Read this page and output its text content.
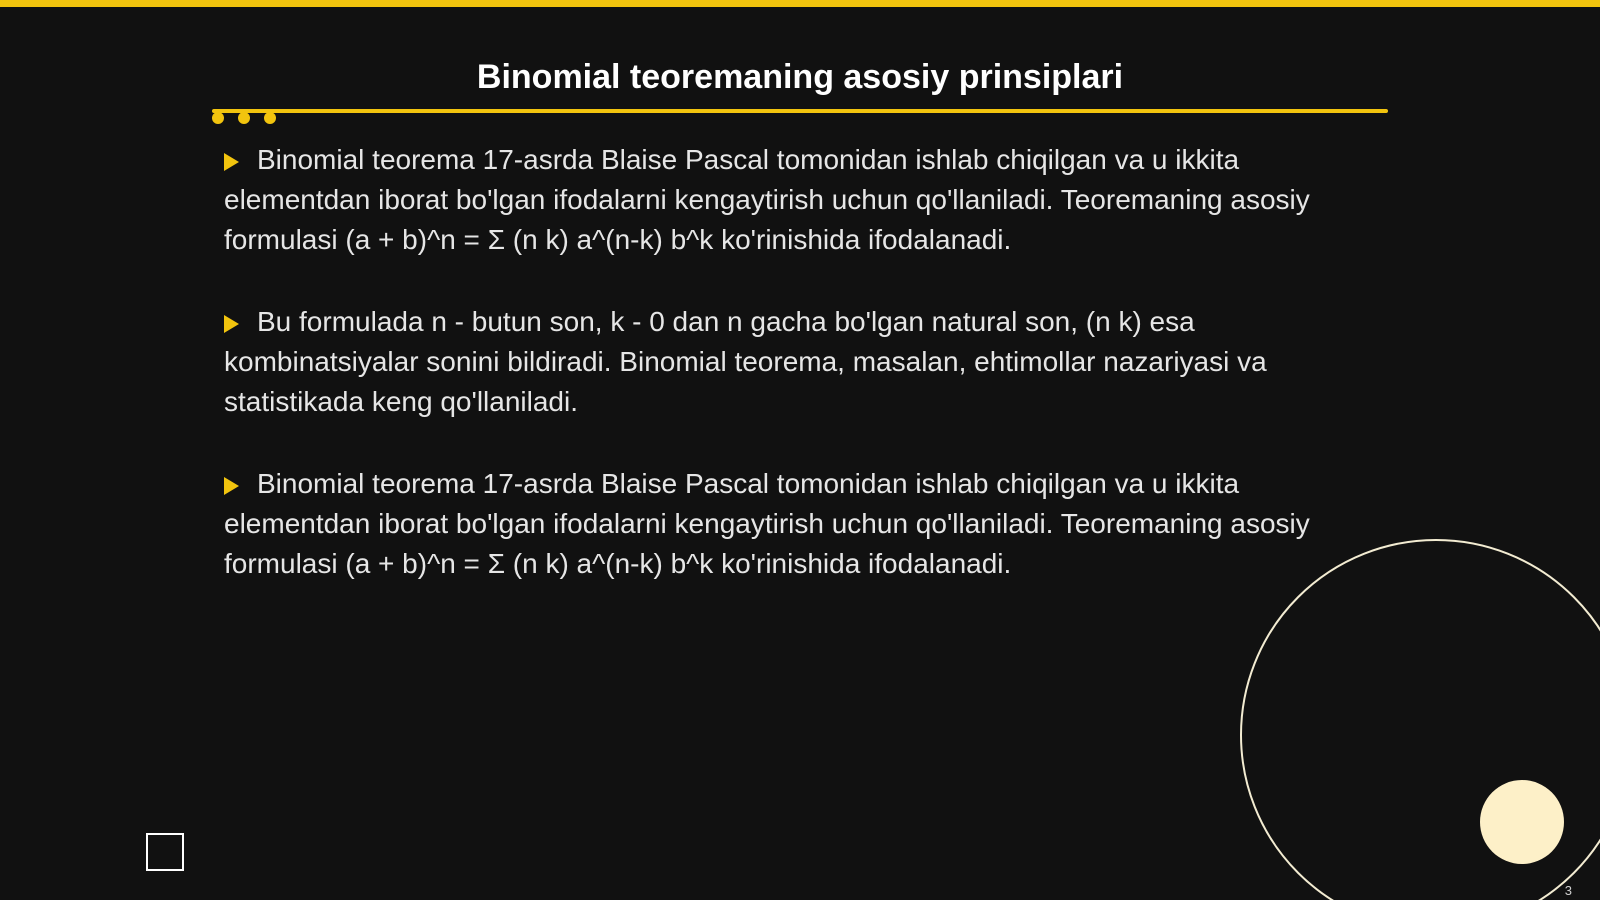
Binomial teoremaning asosiy prinsiplari

Binomial teorema 17-asrda Blaise Pascal tomonidan ishlab chiqilgan va u ikkita elementdan iborat bo'lgan ifodalarni kengaytirish uchun qo'llaniladi. Teoremaning asosiy formulasi (a + b)^n = Σ (n k) a^(n-k) b^k ko'rinishida ifodalanadi.

Bu formulada n - butun son, k - 0 dan n gacha bo'lgan natural son, (n k) esa kombinatsiyalar sonini bildiradi. Binomial teorema, masalan, ehtimollar nazariyasi va statistikada keng qo'llaniladi.

Binomial teorema 17-asrda Blaise Pascal tomonidan ishlab chiqilgan va u ikkita elementdan iborat bo'lgan ifodalarni kengaytirish uchun qo'llaniladi. Teoremaning asosiy formulasi (a + b)^n = Σ (n k) a^(n-k) b^k ko'rinishida ifodalanadi.

3
